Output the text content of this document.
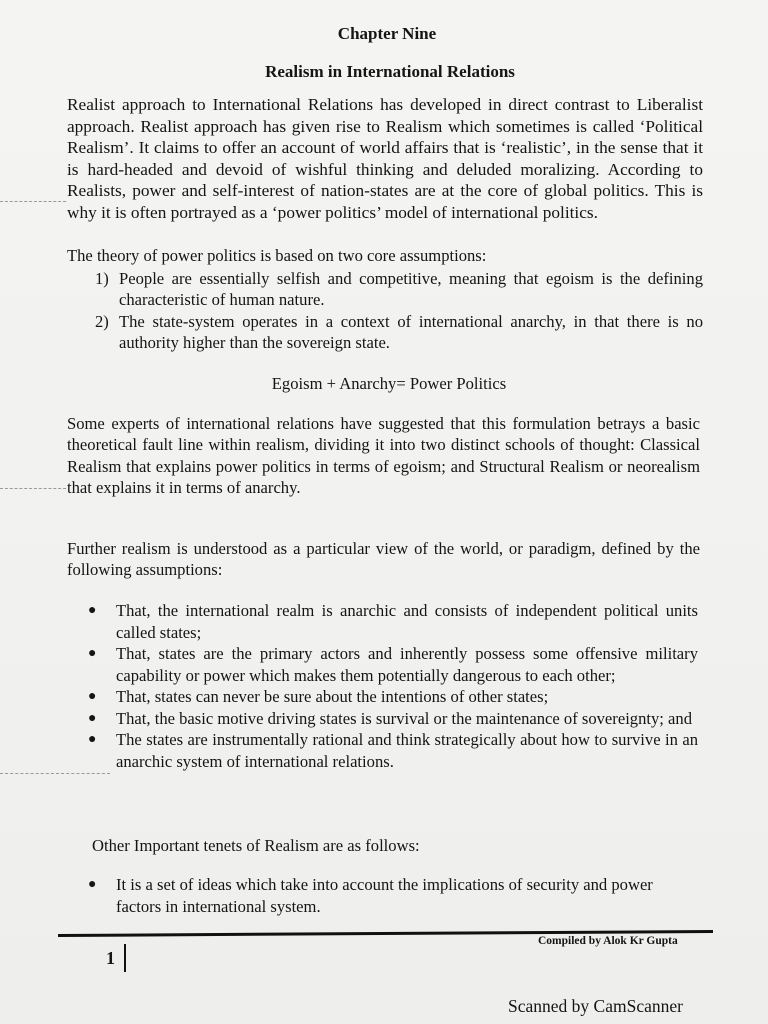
Chapter Nine
Realism in International Relations
Realist approach to International Relations has developed in direct contrast to Liberalist approach. Realist approach has given rise to Realism which sometimes is called ‘Political Realism’. It claims to offer an account of world affairs that is ‘realistic’, in the sense that it is hard-headed and devoid of wishful thinking and deluded moralizing. According to Realists, power and self-interest of nation-states are at the core of global politics. This is why it is often portrayed as a ‘power politics’ model of international politics.
The theory of power politics is based on two core assumptions:
1) People are essentially selfish and competitive, meaning that egoism is the defining characteristic of human nature.
2) The state-system operates in a context of international anarchy, in that there is no authority higher than the sovereign state.
Egoism + Anarchy= Power Politics
Some experts of international relations have suggested that this formulation betrays a basic theoretical fault line within realism, dividing it into two distinct schools of thought: Classical Realism that explains power politics in terms of egoism; and Structural Realism or neorealism that explains it in terms of anarchy.
Further realism is understood as a particular view of the world, or paradigm, defined by the following assumptions:
●	That, the international realm is anarchic and consists of independent political units called states;
●	That, states are the primary actors and inherently possess some offensive military capability or power which makes them potentially dangerous to each other;
●	That, states can never be sure about the intentions of other states;
●	That, the basic motive driving states is survival or the maintenance of sovereignty; and
●	The states are instrumentally rational and think strategically about how to survive in an anarchic system of international relations.
Other Important tenets of Realism are as follows:
●	It is a set of ideas which take into account the implications of security and power factors in international system.
1
Compiled by Alok Kr Gupta
Scanned by CamScanner
